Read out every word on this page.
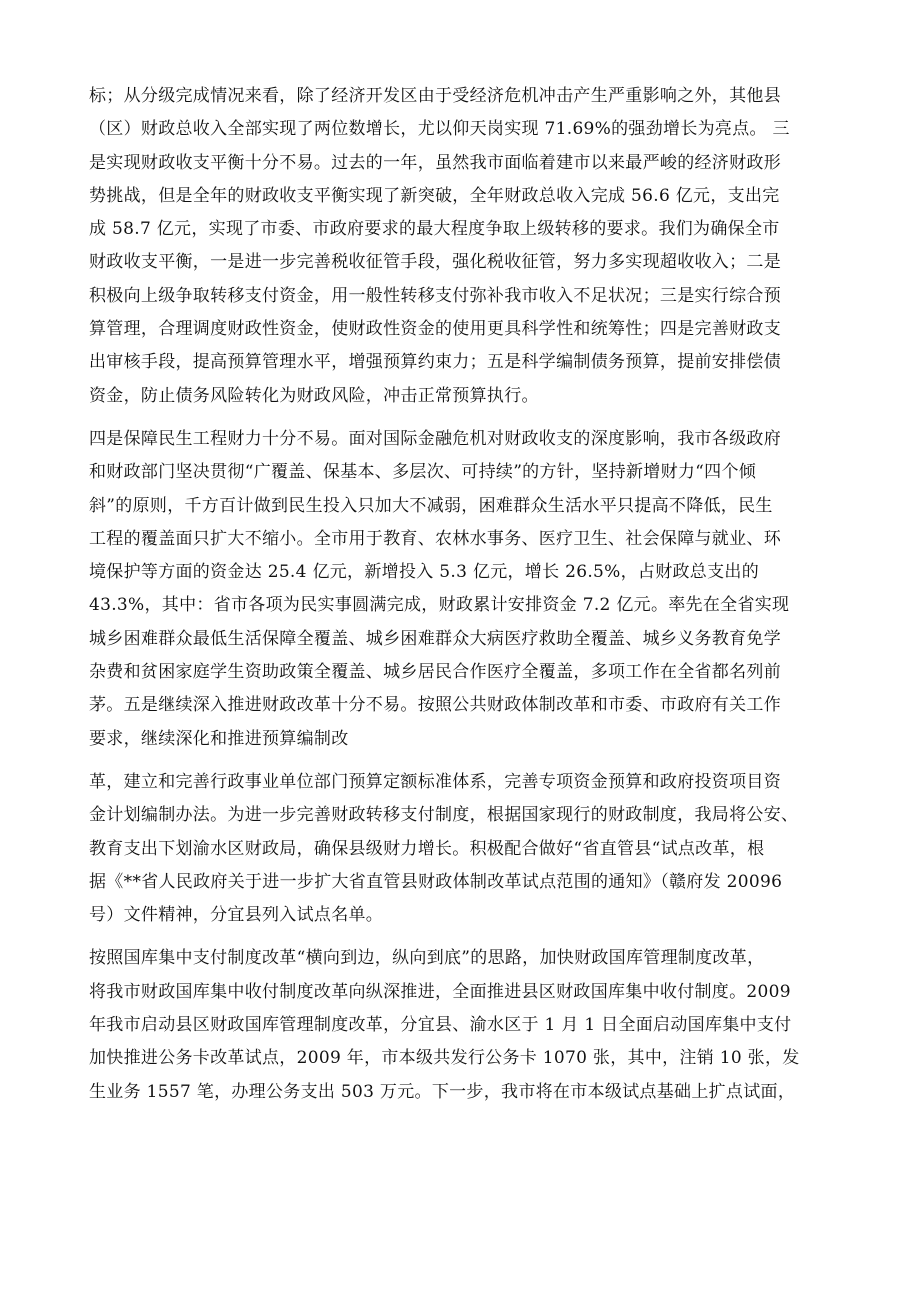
标；从分级完成情况来看，除了经济开发区由于受经济危机冲击产生严重影响之外，其他县
（区）财政总收入全部实现了两位数增长，尤以仰天岗实现 71.69%的强劲增长为亮点。 三
是实现财政收支平衡十分不易。过去的一年，虽然我市面临着建市以来最严峻的经济财政形
势挑战，但是全年的财政收支平衡实现了新突破，全年财政总收入完成 56.6 亿元，支出完
成 58.7 亿元，实现了市委、市政府要求的最大程度争取上级转移的要求。我们为确保全市
财政收支平衡，一是进一步完善税收征管手段，强化税收征管，努力多实现超收收入；二是
积极向上级争取转移支付资金，用一般性转移支付弥补我市收入不足状况；三是实行综合预
算管理，合理调度财政性资金，使财政性资金的使用更具科学性和统筹性；四是完善财政支
出审核手段，提高预算管理水平，增强预算约束力；五是科学编制债务预算，提前安排偿债
资金，防止债务风险转化为财政风险，冲击正常预算执行。
四是保障民生工程财力十分不易。面对国际金融危机对财政收支的深度影响，我市各级政府
和财政部门坚决贯彻“广覆盖、保基本、多层次、可持续”的方针，坚持新增财力“四个倾
斜”的原则，千方百计做到民生投入只加大不减弱，困难群众生活水平只提高不降低，民生
工程的覆盖面只扩大不缩小。全市用于教育、农林水事务、医疗卫生、社会保障与就业、环
境保护等方面的资金达 25.4 亿元，新增投入 5.3 亿元，增长 26.5%，占财政总支出的
43.3%，其中：省市各项为民实事圆满完成，财政累计安排资金 7.2 亿元。率先在全省实现
城乡困难群众最低生活保障全覆盖、城乡困难群众大病医疗救助全覆盖、城乡义务教育免学
杂费和贫困家庭学生资助政策全覆盖、城乡居民合作医疗全覆盖，多项工作在全省都名列前
茅。五是继续深入推进财政改革十分不易。按照公共财政体制改革和市委、市政府有关工作
要求，继续深化和推进预算编制改
革，建立和完善行政事业单位部门预算定额标准体系，完善专项资金预算和政府投资项目资
金计划编制办法。为进一步完善财政转移支付制度，根据国家现行的财政制度，我局将公安、
教育支出下划渝水区财政局，确保县级财力增长。积极配合做好“省直管县“试点改革，根
据《**省人民政府关于进一步扩大省直管县财政体制改革试点范围的通知》（赣府发 20096
号）文件精神，分宜县列入试点名单。
按照国库集中支付制度改革“横向到边，纵向到底”的思路，加快财政国库管理制度改革，
将我市财政国库集中收付制度改革向纵深推进，全面推进县区财政国库集中收付制度。2009
年我市启动县区财政国库管理制度改革，分宜县、渝水区于 1 月 1 日全面启动国库集中支付
加快推进公务卡改革试点，2009 年，市本级共发行公务卡 1070 张，其中，注销 10 张，发
生业务 1557 笔，办理公务支出 503 万元。下一步，我市将在市本级试点基础上扩点试面，
